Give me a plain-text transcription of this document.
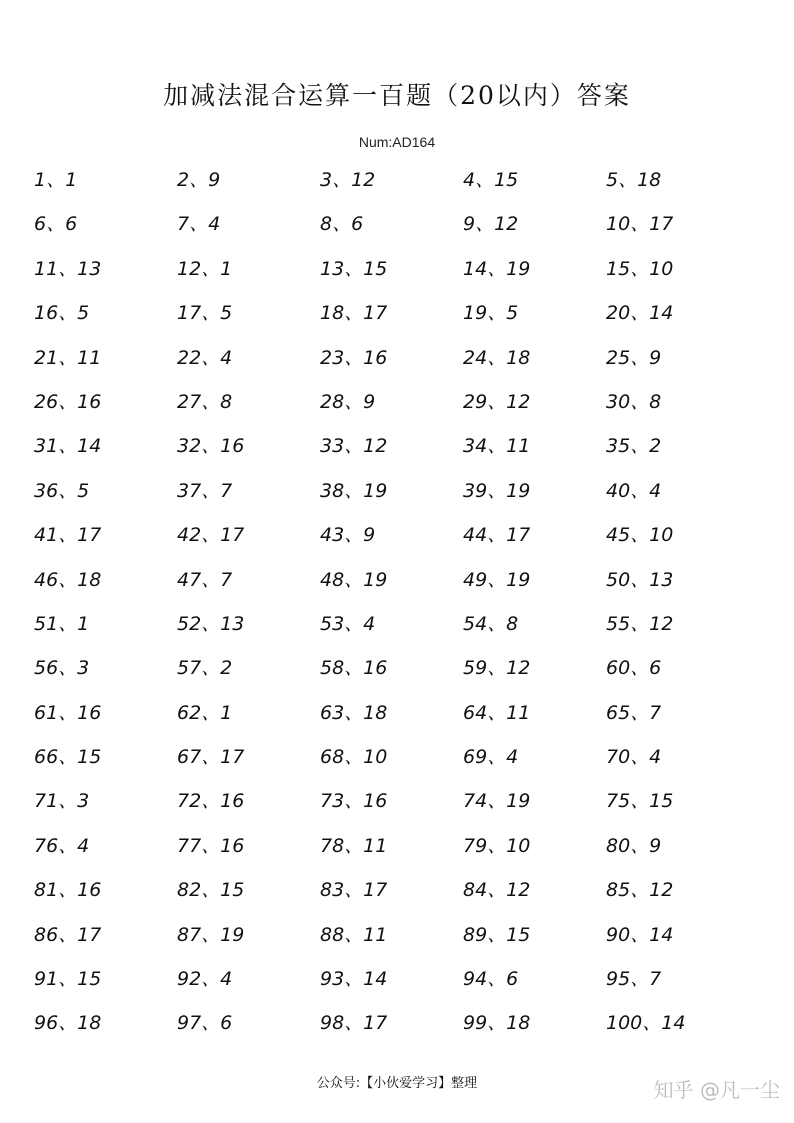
加减法混合运算一百题（20以内）答案
Num:AD164
1、1	2、9	3、12	4、15	5、18
6、6	7、4	8、6	9、12	10、17
11、13	12、1	13、15	14、19	15、10
16、5	17、5	18、17	19、5	20、14
21、11	22、4	23、16	24、18	25、9
26、16	27、8	28、9	29、12	30、8
31、14	32、16	33、12	34、11	35、2
36、5	37、7	38、19	39、19	40、4
41、17	42、17	43、9	44、17	45、10
46、18	47、7	48、19	49、19	50、13
51、1	52、13	53、4	54、8	55、12
56、3	57、2	58、16	59、12	60、6
61、16	62、1	63、18	64、11	65、7
66、15	67、17	68、10	69、4	70、4
71、3	72、16	73、16	74、19	75、15
76、4	77、16	78、11	79、10	80、9
81、16	82、15	83、17	84、12	85、12
86、17	87、19	88、11	89、15	90、14
91、15	92、4	93、14	94、6	95、7
96、18	97、6	98、17	99、18	100、14
公众号:【小伙爱学习】整理	知乎 @凡一尘
